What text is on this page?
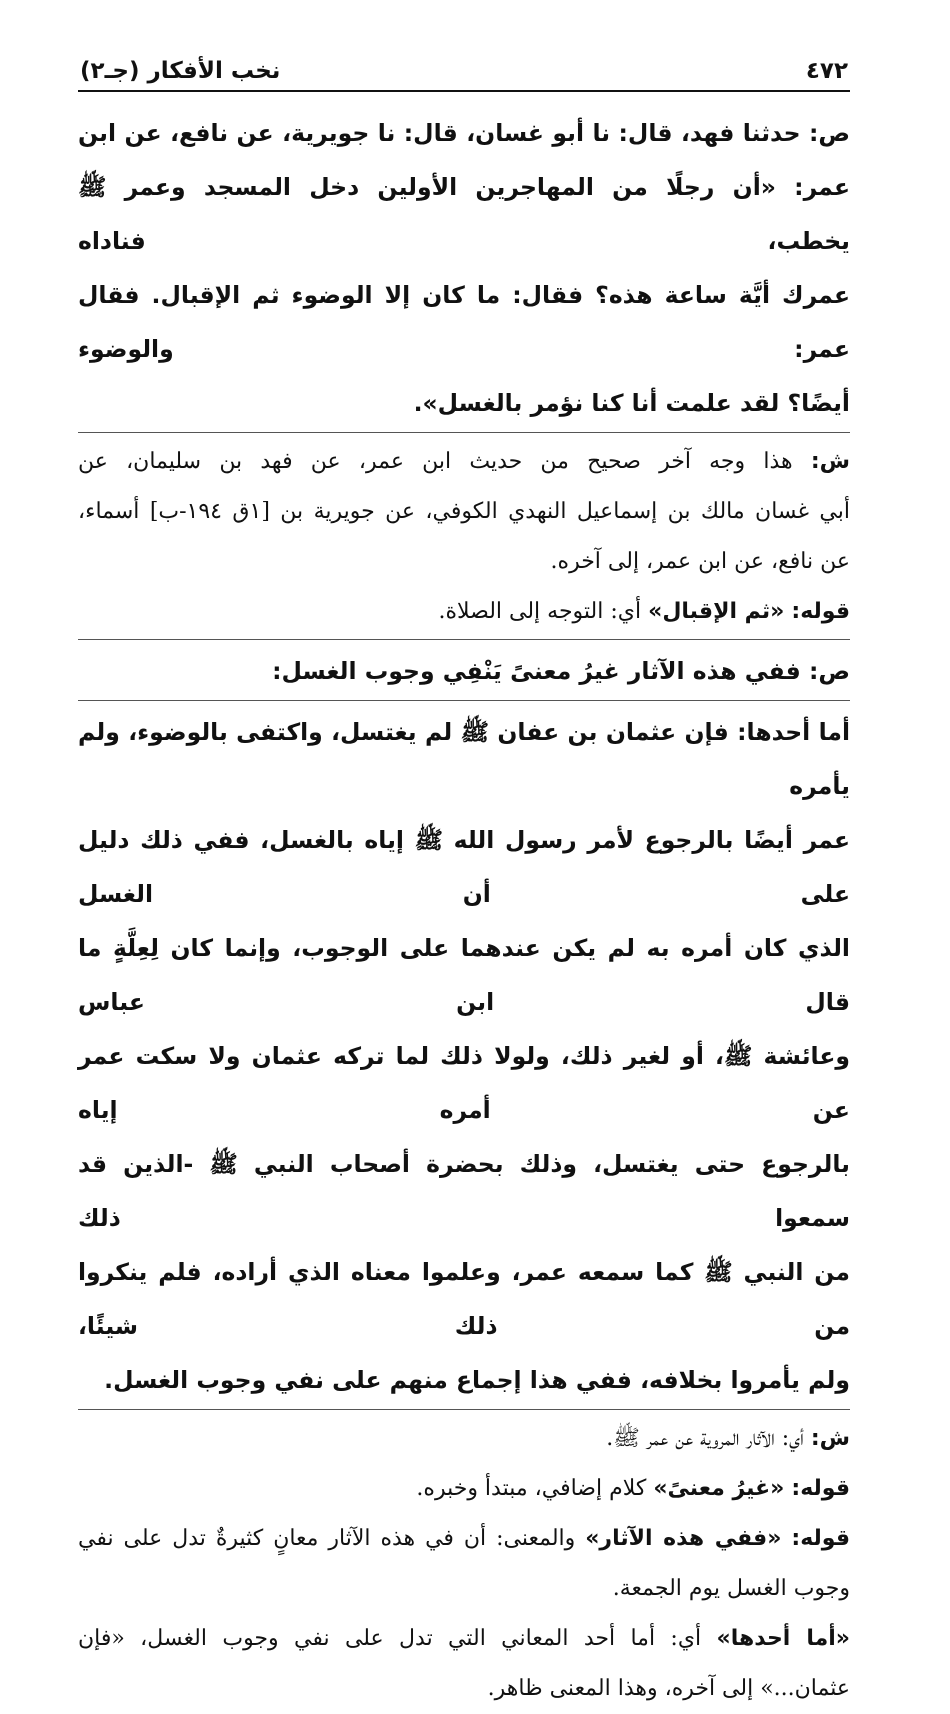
٤٧٢
نخب الأفكار (جـ٢)
ص: حدثنا فهد، قال: نا أبو غسان، قال: نا جويرية، عن نافع، عن ابن
عمر: «أن رجلًا من المهاجرين الأولين دخل المسجد وعمر ﷺ يخطب، فناداه
عمرك أيَّة ساعة هذه؟ فقال: ما كان إلا الوضوء ثم الإقبال. فقال عمر: والوضوء
أيضًا؟ لقد علمت أنا كنا نؤمر بالغسل».
ش: هذا وجه آخر صحيح من حديث ابن عمر، عن فهد بن سليمان، عن
أبي غسان مالك بن إسماعيل النهدي الكوفي، عن جويرية بن [١ق ١٩٤-ب] أسماء،
عن نافع، عن ابن عمر، إلى آخره.
قوله: «ثم الإقبال» أي: التوجه إلى الصلاة.
ص: ففي هذه الآثار غيرُ معنىً يَنْفِي وجوب الغسل:
أما أحدها: فإن عثمان بن عفان ﷺ لم يغتسل، واكتفى بالوضوء، ولم يأمره
عمر أيضًا بالرجوع لأمر رسول الله ﷺ إياه بالغسل، ففي ذلك دليل على أن الغسل
الذي كان أمره به لم يكن عندهما على الوجوب، وإنما كان لِعِلَّةٍ ما قال ابن عباس
وعائشة ﷺ، أو لغير ذلك، ولولا ذلك لما تركه عثمان ولا سكت عمر عن أمره إياه
بالرجوع حتى يغتسل، وذلك بحضرة أصحاب النبي ﷺ -الذين قد سمعوا ذلك
من النبي ﷺ كما سمعه عمر، وعلموا معناه الذي أراده، فلم ينكروا من ذلك شيئًا،
ولم يأمروا بخلافه، ففي هذا إجماع منهم على نفي وجوب الغسل.
ش: أي: الآثار المروية عن عمر ﷺ.
قوله: «غيرُ معنىً» كلام إضافي، مبتدأ وخبره.
قوله: «ففي هذه الآثار» والمعنى: أن في هذه الآثار معانٍ كثيرةٌ تدل على نفي
وجوب الغسل يوم الجمعة.
«أما أحدها» أي: أما أحد المعاني التي تدل على نفي وجوب الغسل، «فإن
عثمان...» إلى آخره، وهذا المعنى ظاهر.
